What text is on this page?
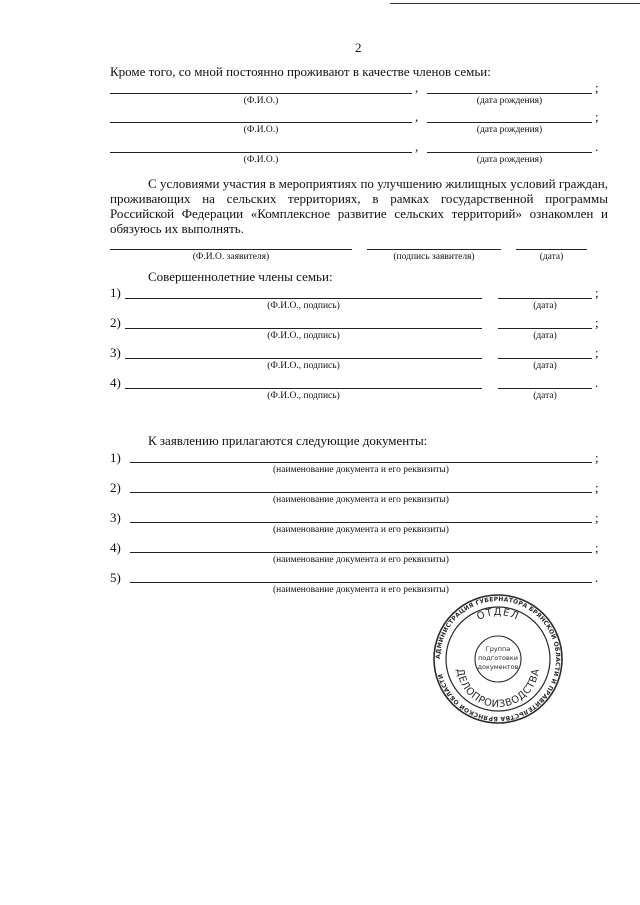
2
Кроме того, со мной постоянно проживают в качестве членов семьи:
,	;
(Ф.И.О.)	(дата рождения)
,	;
(Ф.И.О.)	(дата рождения)
,	.
(Ф.И.О.)	(дата рождения)
С условиями участия в мероприятиях по улучшению жилищных условий граждан, проживающих на сельских территориях, в рамках государственной программы Российской Федерации «Комплексное развитие сельских территорий» ознакомлен и обязуюсь их выполнять.
(Ф.И.О. заявителя)	(подпись заявителя)	(дата)
Совершеннолетние члены семьи:
1)	;
(Ф.И.О., подпись)	(дата)
2)	;
(Ф.И.О., подпись)	(дата)
3)	;
(Ф.И.О., подпись)	(дата)
4)	.
(Ф.И.О., подпись)	(дата)
К заявлению прилагаются следующие документы:
1)	;
(наименование документа и его реквизиты)
2)	;
(наименование документа и его реквизиты)
3)	;
(наименование документа и его реквизиты)
4)	;
(наименование документа и его реквизиты)
5)	.
(наименование документа и его реквизиты)
АДМИНИСТРАЦИЯ ГУБЕРНАТОРА БРЯНСКОЙ ОБЛАСТИ И ПРАВИТЕЛЬСТВА БРЯНСКОЙ ОБЛАСТИ
ОТДЕЛ
ДЕЛОПРОИЗВОДСТВА
Группа
подготовки
документов
